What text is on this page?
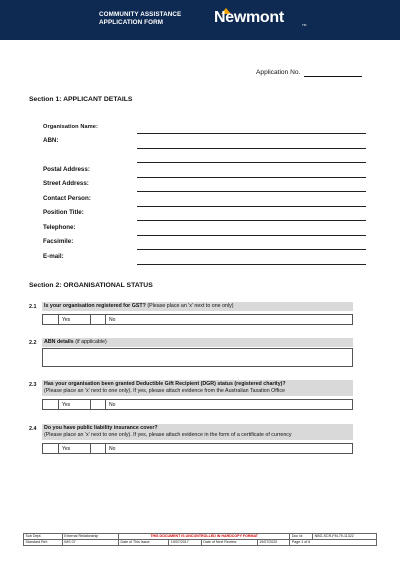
COMMUNITY ASSISTANCE
APPLICATION FORM	Newmont	TM
Application No.
Section 1: APPLICANT DETAILS
Organisation Name:
ABN:
Postal Address:
Street Address:
Contact Person:
Position Title:
Telephone:
Facsimile:
E-mail:
Section 2: ORGANISATIONAL STATUS
2.1	Is your organisation registered for GST? (Please place an 'x' next to one only)
Yes	No
2.2	ABN details (if applicable)
2.3 Has your organisation been granted Deductible Gift Recipient (DGR) status (registered charity)?
(Please place an 'x' next to one only). If yes, please attach evidence from the Australian Taxation Office
Yes	No
2.4 Do you have public liability insurance cover?
(Please place an 'x' next to one only). If yes, please attach evidence in the form of a certificate of currency
Yes	No
Sub Dept.	External Relationship	THIS DOCUMENT IS UNCONTROLLED IN HARDCOPY FORMAT				Doc Id:	NBG-SCR-FM-79-11322
Standard Ref:	IMS 07	Date of This Issue:	19/07/2017	Date of Next Review:	19/07/2020	Page 1 of 6	
